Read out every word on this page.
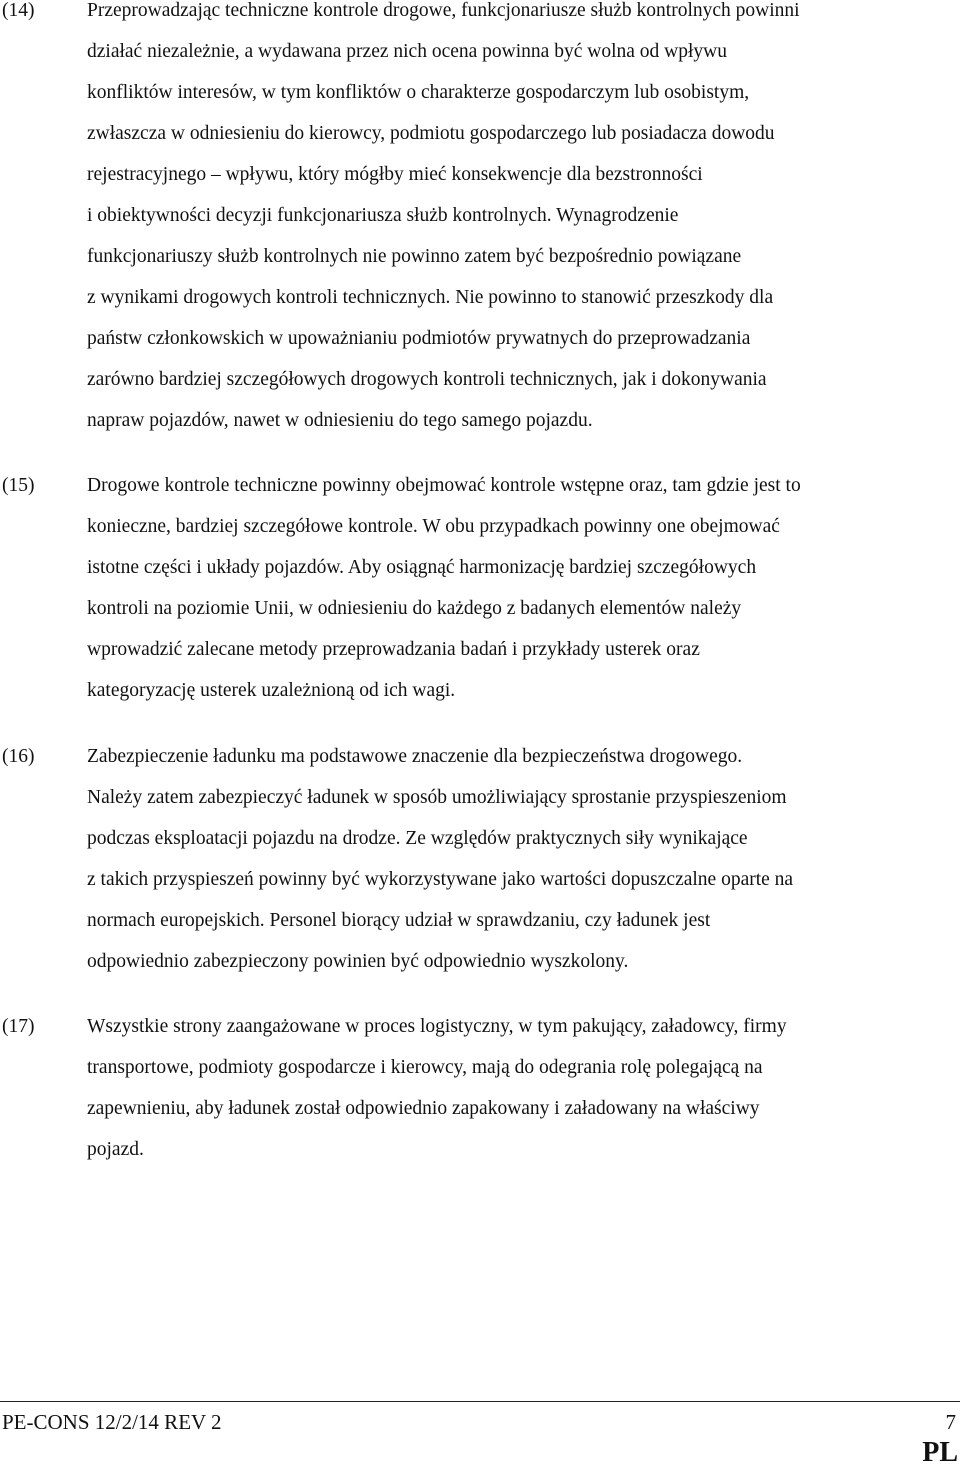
(14)	Przeprowadzając techniczne kontrole drogowe, funkcjonariusze służb kontrolnych powinni
działać niezależnie, a wydawana przez nich ocena powinna być wolna od wpływu
konfliktów interesów, w tym konfliktów o charakterze gospodarczym lub osobistym,
zwłaszcza w odniesieniu do kierowcy, podmiotu gospodarczego lub posiadacza dowodu
rejestracyjnego – wpływu, który mógłby mieć konsekwencje dla bezstronności
i obiektywności decyzji funkcjonariusza służb kontrolnych. Wynagrodzenie
funkcjonariuszy służb kontrolnych nie powinno zatem być bezpośrednio powiązane
z wynikami drogowych kontroli technicznych. Nie powinno to stanowić przeszkody dla
państw członkowskich w upoważnianiu podmiotów prywatnych do przeprowadzania
zarówno bardziej szczegółowych drogowych kontroli technicznych, jak i dokonywania
napraw pojazdów, nawet w odniesieniu do tego samego pojazdu.
(15)	Drogowe kontrole techniczne powinny obejmować kontrole wstępne oraz, tam gdzie jest to
konieczne, bardziej szczegółowe kontrole. W obu przypadkach powinny one obejmować
istotne części i układy pojazdów. Aby osiągnąć harmonizację bardziej szczegółowych
kontroli na poziomie Unii, w odniesieniu do każdego z badanych elementów należy
wprowadzić zalecane metody przeprowadzania badań i przykłady usterek oraz
kategoryzację usterek uzależnioną od ich wagi.
(16)	Zabezpieczenie ładunku ma podstawowe znaczenie dla bezpieczeństwa drogowego.
Należy zatem zabezpieczyć ładunek w sposób umożliwiający sprostanie przyspieszeniom
podczas eksploatacji pojazdu na drodze. Ze względów praktycznych siły wynikające
z takich przyspieszeń powinny być wykorzystywane jako wartości dopuszczalne oparte na
normach europejskich. Personel biorący udział w sprawdzaniu, czy ładunek jest
odpowiednio zabezpieczony powinien być odpowiednio wyszkolony.
(17)	Wszystkie strony zaangażowane w proces logistyczny, w tym pakujący, załadowcy, firmy
transportowe, podmioty gospodarcze i kierowcy, mają do odegrania rolę polegającą na
zapewnieniu, aby ładunek został odpowiednio zapakowany i załadowany na właściwy
pojazd.
PE-CONS 12/2/14 REV 2	7
PL
